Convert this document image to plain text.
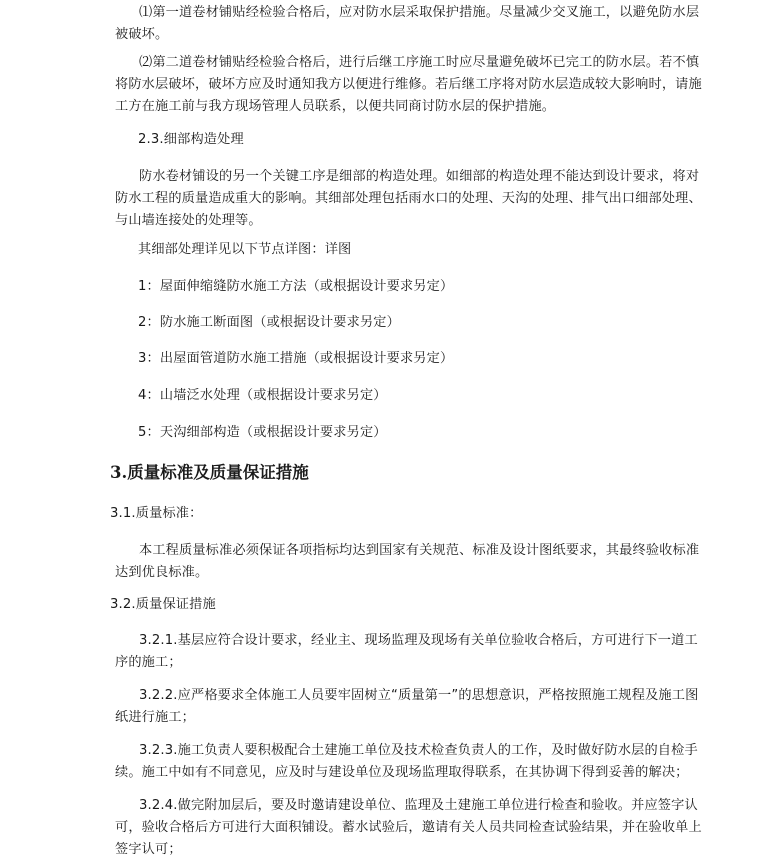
⑴第一道卷材铺贴经检验合格后，应对防水层采取保护措施。尽量减少交叉施工，以避免防水层被破坏。

⑵第二道卷材铺贴经检验合格后，进行后继工序施工时应尽量避免破坏已完工的防水层。若不慎将防水层破坏，破坏方应及时通知我方以便进行维修。若后继工序将对防水层造成较大影响时，请施工方在施工前与我方现场管理人员联系，以便共同商讨防水层的保护措施。

2.3.细部构造处理

防水卷材铺设的另一个关键工序是细部的构造处理。如细部的构造处理不能达到设计要求，将对防水工程的质量造成重大的影响。其细部处理包括雨水口的处理、天沟的处理、排气出口细部处理、与山墙连接处的处理等。

其细部处理详见以下节点详图：详图

1：屋面伸缩缝防水施工方法（或根据设计要求另定）

2：防水施工断面图（或根据设计要求另定）

3：出屋面管道防水施工措施（或根据设计要求另定）

4：山墙泛水处理（或根据设计要求另定）

5：天沟细部构造（或根据设计要求另定）

3.质量标准及质量保证措施

3.1.质量标准：

本工程质量标准必须保证各项指标均达到国家有关规范、标准及设计图纸要求，其最终验收标准达到优良标准。

3.2.质量保证措施

3.2.1.基层应符合设计要求，经业主、现场监理及现场有关单位验收合格后，方可进行下一道工序的施工；

3.2.2.应严格要求全体施工人员要牢固树立“质量第一”的思想意识，严格按照施工规程及施工图纸进行施工；

3.2.3.施工负责人要积极配合土建施工单位及技术检查负责人的工作，及时做好防水层的自检手续。施工中如有不同意见，应及时与建设单位及现场监理取得联系，在其协调下得到妥善的解决；

3.2.4.做完附加层后，要及时邀请建设单位、监理及土建施工单位进行检查和验收。并应签字认可，验收合格后方可进行大面积铺设。蓄水试验后，邀请有关人员共同检查试验结果，并在验收单上签字认可；
